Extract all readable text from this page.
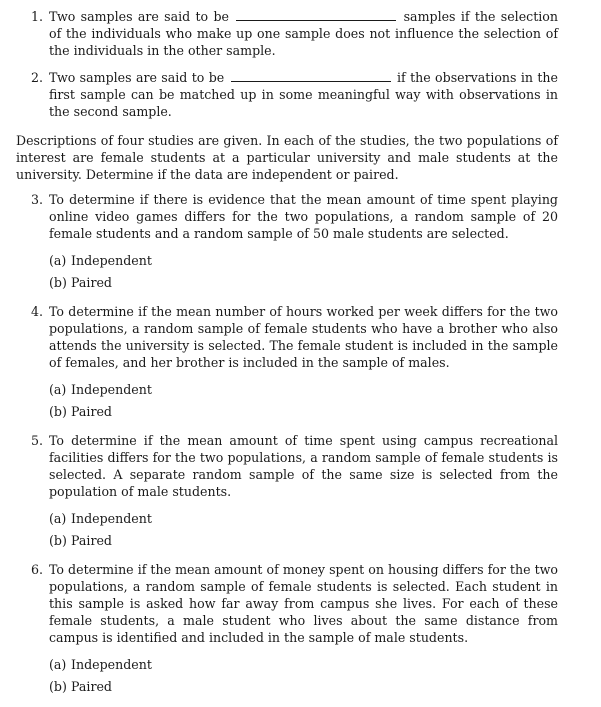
1. Two samples are said to be	samples if the selection of the individuals who make up one sample does not influence the selection of the individuals in the other sample.
2. Two samples are said to be	if the observations in the first sample can be matched up in some meaningful way with observations in the second sample.
Descriptions of four studies are given. In each of the studies, the two populations of interest are female students at a particular university and male students at the university. Determine if the data are independent or paired.
3. To determine if there is evidence that the mean amount of time spent playing online video games differs for the two populations, a random sample of 20 female students and a random sample of 50 male students are selected.
(a) Independent
(b) Paired
4. To determine if the mean number of hours worked per week differs for the two populations, a random sample of female students who have a brother who also attends the university is selected. The female student is included in the sample of females, and her brother is included in the sample of males.
(a) Independent
(b) Paired
5. To determine if the mean amount of time spent using campus recreational facilities differs for the two populations, a random sample of female students is selected. A separate random sample of the same size is selected from the population of male students.
(a) Independent
(b) Paired
6. To determine if the mean amount of money spent on housing differs for the two populations, a random sample of female students is selected. Each student in this sample is asked how far away from campus she lives. For each of these female students, a male student who lives about the same distance from campus is identified and included in the sample of male students.
(a) Independent
(b) Paired
